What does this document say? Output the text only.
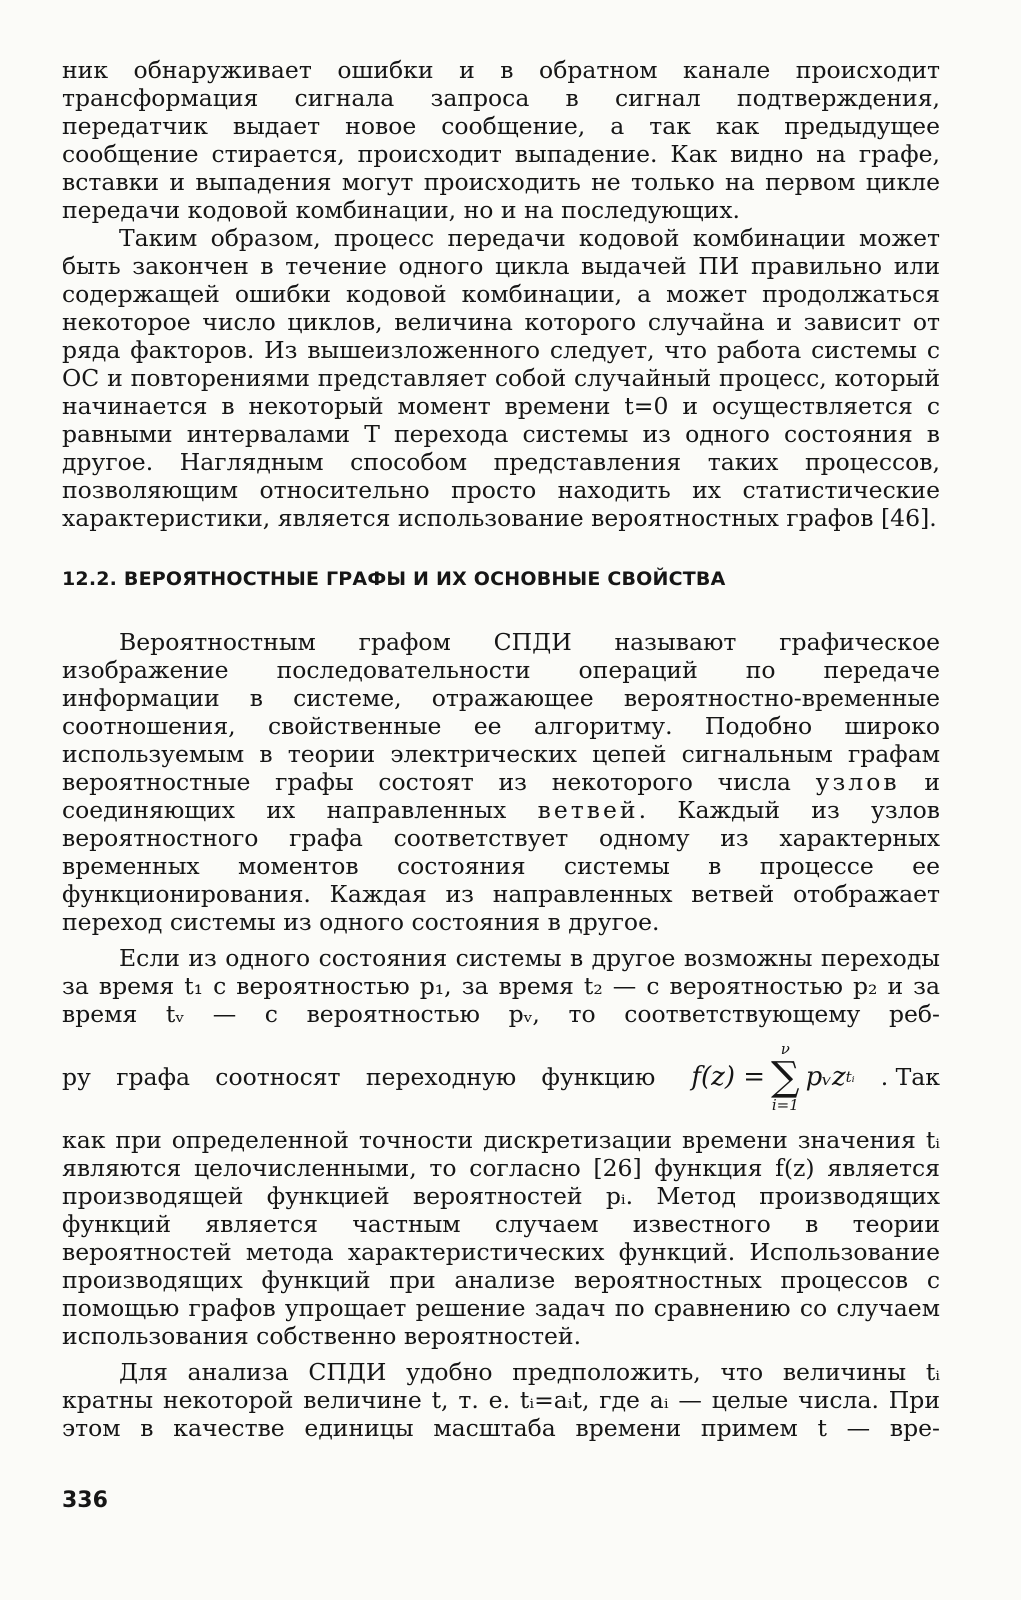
ник обнаруживает ошибки и в обратном канале происходит трансформация сигнала запроса в сигнал подтверждения, передатчик выдает новое сообщение, а так как предыдущее сообщение стирается, происходит выпадение. Как видно на графе, вставки и выпадения могут происходить не только на первом цикле передачи кодовой комбинации, но и на последующих.

Таким образом, процесс передачи кодовой комбинации может быть закончен в течение одного цикла выдачей ПИ правильно или содержащей ошибки кодовой комбинации, а может продолжаться некоторое число циклов, величина которого случайна и зависит от ряда факторов. Из вышеизложенного следует, что работа системы с ОС и повторениями представляет собой случайный процесс, который начинается в некоторый момент времени t=0 и осуществляется с равными интервалами T перехода системы из одного состояния в другое. Наглядным способом представления таких процессов, позволяющим относительно просто находить их статистические характеристики, является использование вероятностных графов [46].

12.2. ВЕРОЯТНОСТНЫЕ ГРАФЫ И ИХ ОСНОВНЫЕ СВОЙСТВА

Вероятностным графом СПДИ называют графическое изображение последовательности операций по передаче информации в системе, отражающее вероятностно-временные соотношения, свойственные ее алгоритму. Подобно широко используемым в теории электрических цепей сигнальным графам вероятностные графы состоят из некоторого числа узлов и соединяющих их направленных ветвей. Каждый из узлов вероятностного графа соответствует одному из характерных временных моментов состояния системы в процессе ее функционирования. Каждая из направленных ветвей отображает переход системы из одного состояния в другое.

Если из одного состояния системы в другое возможны переходы за время t₁ с вероятностью p₁, за время t₂ — с вероятностью p₂ и за время tᵥ — с вероятностью pᵥ, то соответствующему реб-

ру графа соотносят переходную функцию f(z) =
ν
∑
i=1
pᵥz tᵢ . Так

как при определенной точности дискретизации времени значения tᵢ являются целочисленными, то согласно [26] функция f(z) является производящей функцией вероятностей pᵢ. Метод производящих функций является частным случаем известного в теории вероятностей метода характеристических функций. Использование производящих функций при анализе вероятностных процессов с помощью графов упрощает решение задач по сравнению со случаем использования собственно вероятностей.

Для анализа СПДИ удобно предположить, что величины tᵢ кратны некоторой величине t, т. е. tᵢ=aᵢt, где aᵢ — целые числа. При этом в качестве единицы масштаба времени примем t — вре-

336
